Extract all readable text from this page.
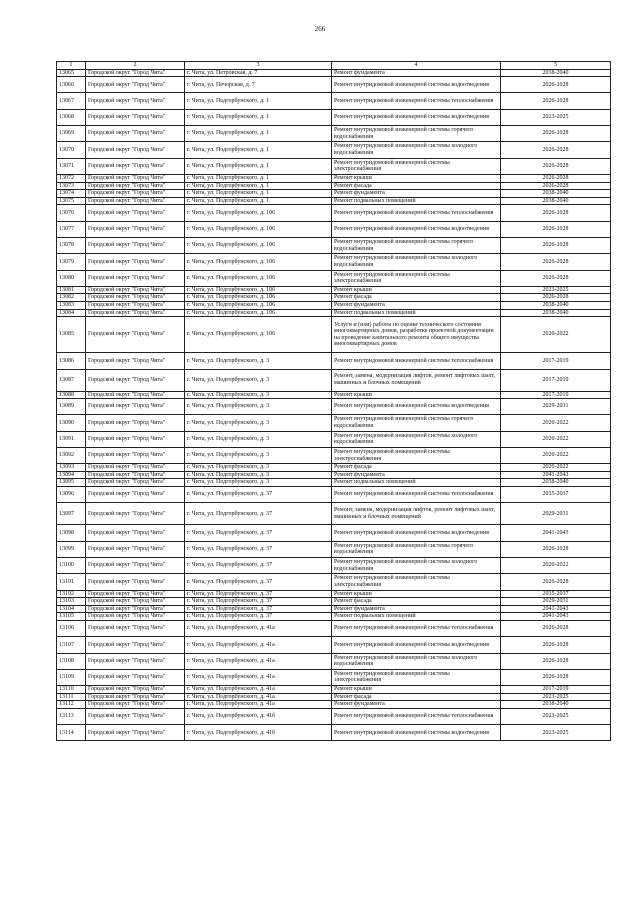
266
1	2	3	4	5
13065	Городской округ "Город Чита"	г. Чита, ул. Петровская, д. 7	Ремонт фундамента	2038-2040
13066	Городской округ "Город Чита"	г. Чита, ул. Печорская, д. 7	Ремонт внутридомовой инженерной системы водоотведения	2026-2028
13067	Городской округ "Город Чита"	г. Чита, ул. Подгорбунского, д. 1	Ремонт внутридомовой инженерной системы теплоснабжения	2026-2028
13068	Городской округ "Город Чита"	г. Чита, ул. Подгорбунского, д. 1	Ремонт внутридомовой инженерной системы водоотведения	2023-2025
13069	Городской округ "Город Чита"	г. Чита, ул. Подгорбунского, д. 1	Ремонт внутридомовой инженерной системы горячего водоснабжения	2026-2028
13070	Городской округ "Город Чита"	г. Чита, ул. Подгорбунского, д. 1	Ремонт внутридомовой инженерной системы холодного водоснабжения	2026-2028
13071	Городской округ "Город Чита"	г. Чита, ул. Подгорбунского, д. 1	Ремонт внутридомовой инженерной системы электроснабжения	2026-2028
13072	Городской округ "Город Чита"	г. Чита, ул. Подгорбунского, д. 1	Ремонт крыши	2026-2028
13073	Городской округ "Город Чита"	г. Чита, ул. Подгорбунского, д. 1	Ремонт фасада	2026-2028
13074	Городской округ "Город Чита"	г. Чита, ул. Подгорбунского, д. 1	Ремонт фундамента	2038-2040
13075	Городской округ "Город Чита"	г. Чита, ул. Подгорбунского, д. 1	Ремонт подвальных помещений	2038-2040
13076	Городской округ "Город Чита"	г. Чита, ул. Подгорбунского, д. 106	Ремонт внутридомовой инженерной системы теплоснабжения	2026-2028
13077	Городской округ "Город Чита"	г. Чита, ул. Подгорбунского, д. 106	Ремонт внутридомовой инженерной системы водоотведения	2026-2028
13078	Городской округ "Город Чита"	г. Чита, ул. Подгорбунского, д. 106	Ремонт внутридомовой инженерной системы горячего водоснабжения	2026-2028
13079	Городской округ "Город Чита"	г. Чита, ул. Подгорбунского, д. 106	Ремонт внутридомовой инженерной системы холодного водоснабжения	2026-2028
13080	Городской округ "Город Чита"	г. Чита, ул. Подгорбунского, д. 106	Ремонт внутридомовой инженерной системы электроснабжения	2026-2028
13081	Городской округ "Город Чита"	г. Чита, ул. Подгорбунского, д. 106	Ремонт крыши	2023-2025
13082	Городской округ "Город Чита"	г. Чита, ул. Подгорбунского, д. 106	Ремонт фасада	2026-2028
13083	Городской округ "Город Чита"	г. Чита, ул. Подгорбунского, д. 106	Ремонт фундамента	2038-2040
13084	Городской округ "Город Чита"	г. Чита, ул. Подгорбунского, д. 106	Ремонт подвальных помещений	2038-2040
13085	Городской округ "Город Чита"	г. Чита, ул. Подгорбунского, д. 106	Услуги и (или) работы по оценке технического состояния многоквартирных домов, разработке проектной документации на проведение капитального ремонта общего имущества многоквартирных домов	2020-2022
13086	Городской округ "Город Чита"	г. Чита, ул. Подгорбунского, д. 3	Ремонт внутридомовой инженерной системы теплоснабжения	2017-2019
13087	Городской округ "Город Чита"	г. Чита, ул. Подгорбунского, д. 3	Ремонт, замена, модернизация лифтов, ремонт лифтовых шахт, машинных и блочных помещений	2017-2019
13088	Городской округ "Город Чита"	г. Чита, ул. Подгорбунского, д. 3	Ремонт крыши	2017-2019
13089	Городской округ "Город Чита"	г. Чита, ул. Подгорбунского, д. 3	Ремонт внутридомовой инженерной системы водоотведения	2029-2031
13090	Городской округ "Город Чита"	г. Чита, ул. Подгорбунского, д. 3	Ремонт внутридомовой инженерной системы горячего водоснабжения	2020-2022
13091	Городской округ "Город Чита"	г. Чита, ул. Подгорбунского, д. 3	Ремонт внутридомовой инженерной системы холодного водоснабжения	2020-2022
13092	Городской округ "Город Чита"	г. Чита, ул. Подгорбунского, д. 3	Ремонт внутридомовой инженерной системы электроснабжения	2020-2022
13093	Городской округ "Город Чита"	г. Чита, ул. Подгорбунского, д. 3	Ремонт фасада	2020-2022
13094	Городской округ "Город Чита"	г. Чита, ул. Подгорбунского, д. 3	Ремонт фундамента	2041-2043
13095	Городской округ "Город Чита"	г. Чита, ул. Подгорбунского, д. 3	Ремонт подвальных помещений	2038-2040
13096	Городской округ "Город Чита"	г. Чита, ул. Подгорбунского, д. 37	Ремонт внутридомовой инженерной системы теплоснабжения	2035-2037
13097	Городской округ "Город Чита"	г. Чита, ул. Подгорбунского, д. 37	Ремонт, замена, модернизация лифтов, ремонт лифтовых шахт, машинных и блочных помещений	2029-2031
13098	Городской округ "Город Чита"	г. Чита, ул. Подгорбунского, д. 37	Ремонт внутридомовой инженерной системы водоотведения	2041-2043
13099	Городской округ "Город Чита"	г. Чита, ул. Подгорбунского, д. 37	Ремонт внутридомовой инженерной системы горячего водоснабжения	2026-2028
13100	Городской округ "Город Чита"	г. Чита, ул. Подгорбунского, д. 37	Ремонт внутридомовой инженерной системы холодного водоснабжения	2020-2022
13101	Городской округ "Город Чита"	г. Чита, ул. Подгорбунского, д. 37	Ремонт внутридомовой инженерной системы электроснабжения	2026-2028
13102	Городской округ "Город Чита"	г. Чита, ул. Подгорбунского, д. 37	Ремонт крыши	2035-2037
13103	Городской округ "Город Чита"	г. Чита, ул. Подгорбунского, д. 37	Ремонт фасада	2029-2031
13104	Городской округ "Город Чита"	г. Чита, ул. Подгорбунского, д. 37	Ремонт фундамента	2041-2043
13105	Городской округ "Город Чита"	г. Чита, ул. Подгорбунского, д. 37	Ремонт подвальных помещений	2041-2043
13106	Городской округ "Город Чита"	г. Чита, ул. Подгорбунского, д. 41а	Ремонт внутридомовой инженерной системы теплоснабжения	2026-2028
13107	Городской округ "Город Чита"	г. Чита, ул. Подгорбунского, д. 41а	Ремонт внутридомовой инженерной системы водоотведения	2026-2028
13108	Городской округ "Город Чита"	г. Чита, ул. Подгорбунского, д. 41а	Ремонт внутридомовой инженерной системы холодного водоснабжения	2026-2028
13109	Городской округ "Город Чита"	г. Чита, ул. Подгорбунского, д. 41а	Ремонт внутридомовой инженерной системы электроснабжения	2026-2028
13110	Городской округ "Город Чита"	г. Чита, ул. Подгорбунского, д. 41а	Ремонт крыши	2017-2019
13111	Городской округ "Город Чита"	г. Чита, ул. Подгорбунского, д. 41а	Ремонт фасада	2023-2025
13112	Городской округ "Город Чита"	г. Чита, ул. Подгорбунского, д. 41а	Ремонт фундамента	2038-2040
13113	Городской округ "Город Чита"	г. Чита, ул. Подгорбунского, д. 41б	Ремонт внутридомовой инженерной системы теплоснабжения	2023-2025
13114	Городской округ "Город Чита"	г. Чита, ул. Подгорбунского, д. 41б	Ремонт внутридомовой инженерной системы водоотведения	2023-2025
